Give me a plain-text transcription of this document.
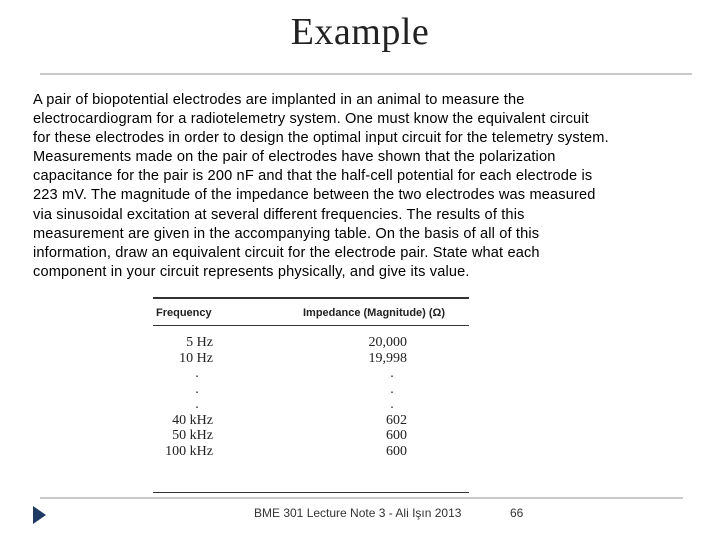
Example

A pair of biopotential electrodes are implanted in an animal to measure the

electrocardiogram for a radiotelemetry system. One must know the equivalent circuit

for these electrodes in order to design the optimal input circuit for the telemetry system.

Measurements made on the pair of electrodes have shown that the polarization

capacitance for the pair is 200 nF and that the half-cell potential for each electrode is

223 mV. The magnitude of the impedance between the two electrodes was measured

via sinusoidal excitation at several different frequencies. The results of this

measurement are given in the accompanying table. On the basis of all of this

information, draw an equivalent circuit for the electrode pair. State what each

component in your circuit represents physically, and give its value.

Frequency	Impedance (Magnitude) (Ω)
5 Hz
10 Hz
.
.
.
40 kHz
50 kHz
100 kHz
20,000
19,998
.
.
.
602
600
600
BME 301 Lecture Note 3 - Ali Işın 2013	66
